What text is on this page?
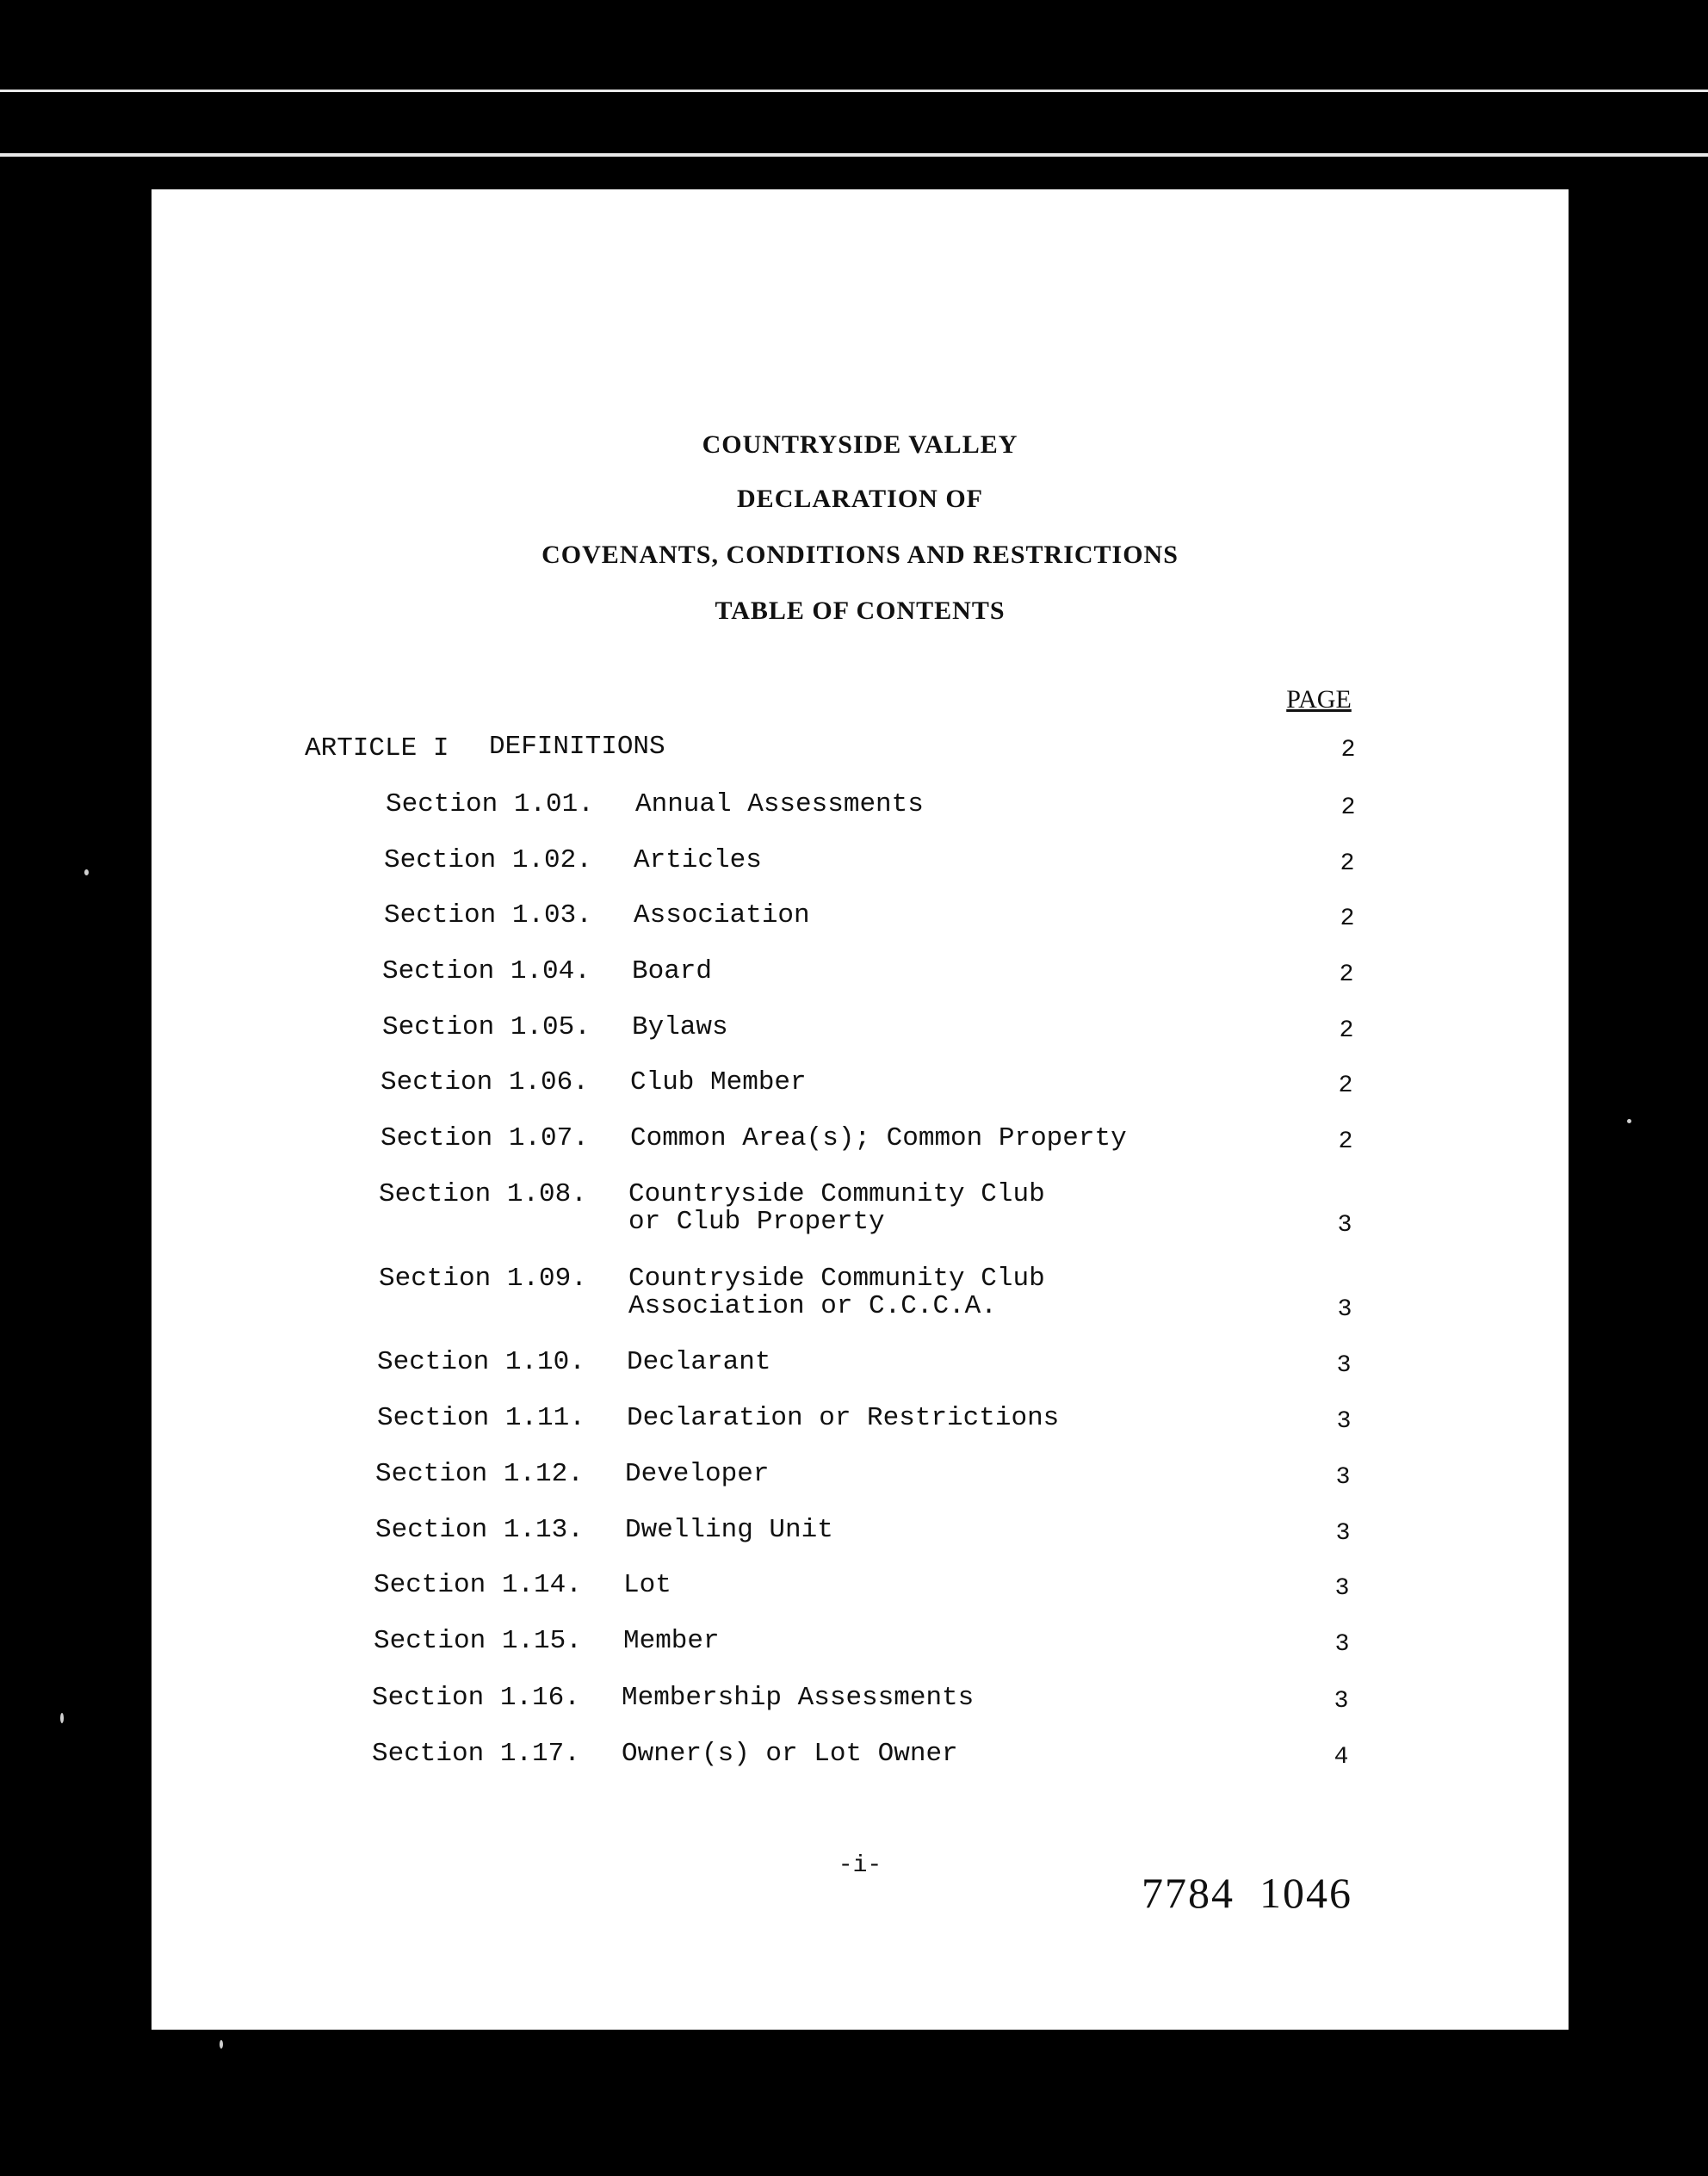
COUNTRYSIDE VALLEY
DECLARATION OF
COVENANTS, CONDITIONS AND RESTRICTIONS
TABLE OF CONTENTS
PAGE
ARTICLE I DEFINITIONS	2
Section 1.01. Annual Assessments	2
Section 1.02. Articles	2
Section 1.03. Association	2
Section 1.04. Board	2
Section 1.05. Bylaws	2
Section 1.06. Club Member	2
Section 1.07. Common Area(s); Common Property	2
Section 1.08. Countryside Community Club
or Club Property	3
Section 1.09. Countryside Community Club
Association or C.C.C.A.	3
Section 1.10. Declarant	3
Section 1.11. Declaration or Restrictions	3
Section 1.12. Developer	3
Section 1.13. Dwelling Unit	3
Section 1.14. Lot	3
Section 1.15. Member	3
Section 1.16. Membership Assessments	3
Section 1.17. Owner(s) or Lot Owner	4
-i-
7784  1046
